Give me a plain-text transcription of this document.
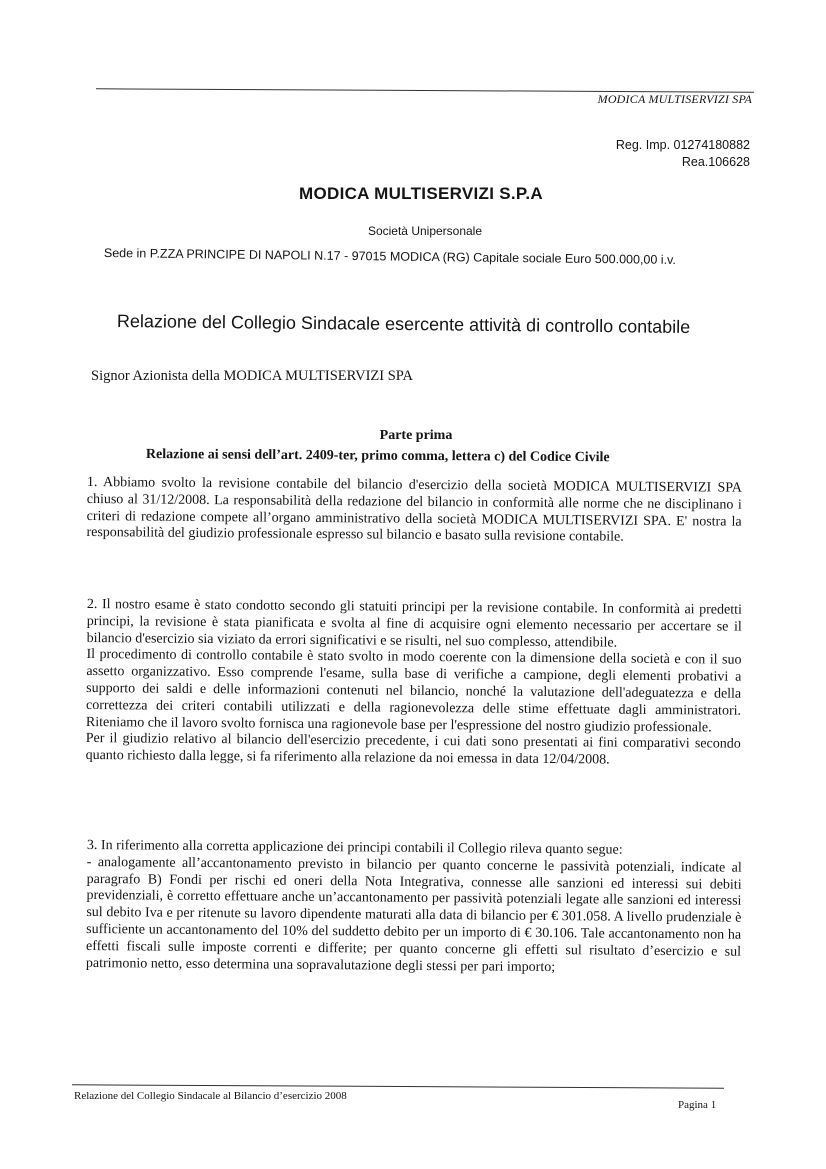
MODICA MULTISERVIZI SPA
Reg. Imp. 01274180882
Rea.106628
MODICA MULTISERVIZI S.P.A
Società Unipersonale
Sede in P.ZZA PRINCIPE DI NAPOLI N.17 - 97015 MODICA (RG) Capitale sociale Euro 500.000,00 i.v.
Relazione del Collegio Sindacale esercente attività di controllo contabile
Signor Azionista della MODICA MULTISERVIZI SPA
Parte prima
Relazione ai sensi dell’art. 2409-ter, primo comma, lettera c) del Codice Civile

1. Abbiamo svolto la revisione contabile del bilancio d'esercizio della società MODICA MULTISERVIZI SPA chiuso al 31/12/2008. La responsabilità della redazione del bilancio in conformità alle norme che ne disciplinano i criteri di redazione compete all’organo amministrativo della società MODICA MULTISERVIZI SPA. E' nostra la responsabilità del giudizio professionale espresso sul bilancio e basato sulla revisione contabile.

2. Il nostro esame è stato condotto secondo gli statuiti principi per la revisione contabile. In conformità ai predetti principi, la revisione è stata pianificata e svolta al fine di acquisire ogni elemento necessario per accertare se il bilancio d'esercizio sia viziato da errori significativi e se risulti, nel suo complesso, attendibile.

Il procedimento di controllo contabile è stato svolto in modo coerente con la dimensione della società e con il suo assetto organizzativo. Esso comprende l'esame, sulla base di verifiche a campione, degli elementi probativi a supporto dei saldi e delle informazioni contenuti nel bilancio, nonché la valutazione dell'adeguatezza e della correttezza dei criteri contabili utilizzati e della ragionevolezza delle stime effettuate dagli amministratori. Riteniamo che il lavoro svolto fornisca una ragionevole base per l'espressione del nostro giudizio professionale.

Per il giudizio relativo al bilancio dell'esercizio precedente, i cui dati sono presentati ai fini comparativi secondo quanto richiesto dalla legge, si fa riferimento alla relazione da noi emessa in data 12/04/2008.

3. In riferimento alla corretta applicazione dei principi contabili il Collegio rileva quanto segue:

- analogamente all’accantonamento previsto in bilancio per quanto concerne le passività potenziali, indicate al paragrafo B) Fondi per rischi ed oneri della Nota Integrativa, connesse alle sanzioni ed interessi sui debiti previdenziali, è corretto effettuare anche un’accantonamento per passività potenziali legate alle sanzioni ed interessi sul debito Iva e per ritenute su lavoro dipendente maturati alla data di bilancio per € 301.058. A livello prudenziale è sufficiente un accantonamento del 10% del suddetto debito per un importo di € 30.106. Tale accantonamento non ha effetti fiscali sulle imposte correnti e differite; per quanto concerne gli effetti sul risultato d’esercizio e sul patrimonio netto, esso determina una sopravalutazione degli stessi per pari importo;

Relazione del Collegio Sindacale al Bilancio d’esercizio 2008
Pagina 1
